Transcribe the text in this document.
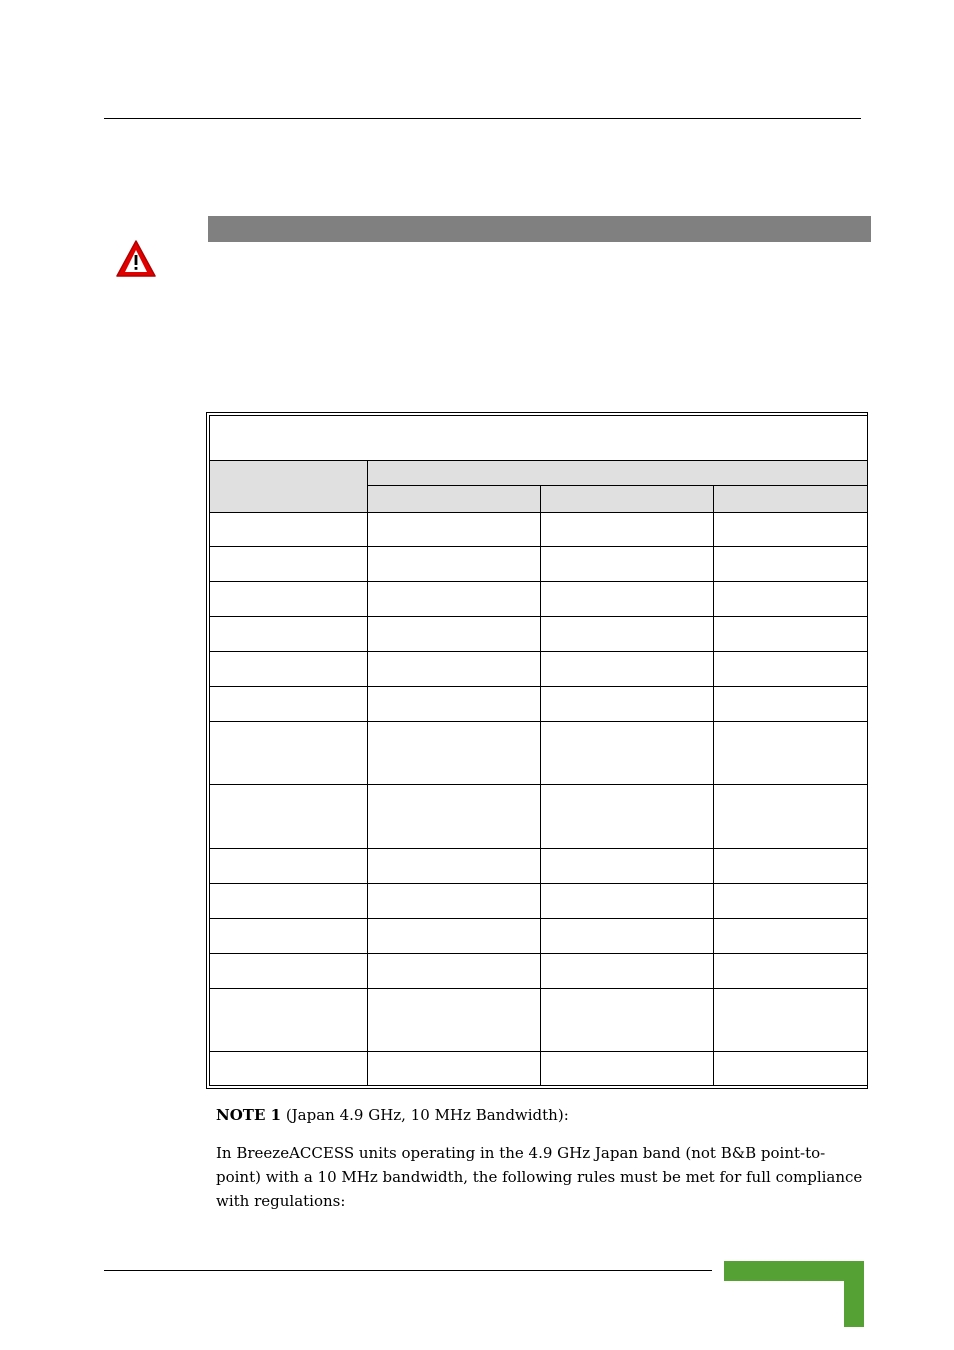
NOTE 1 (Japan 4.9 GHz, 10 MHz Bandwidth):

In BreezeACCESS units operating in the 4.9 GHz Japan band (not B&B point-to-point) with a 10 MHz bandwidth, the following rules must be met for full compliance with regulations:
